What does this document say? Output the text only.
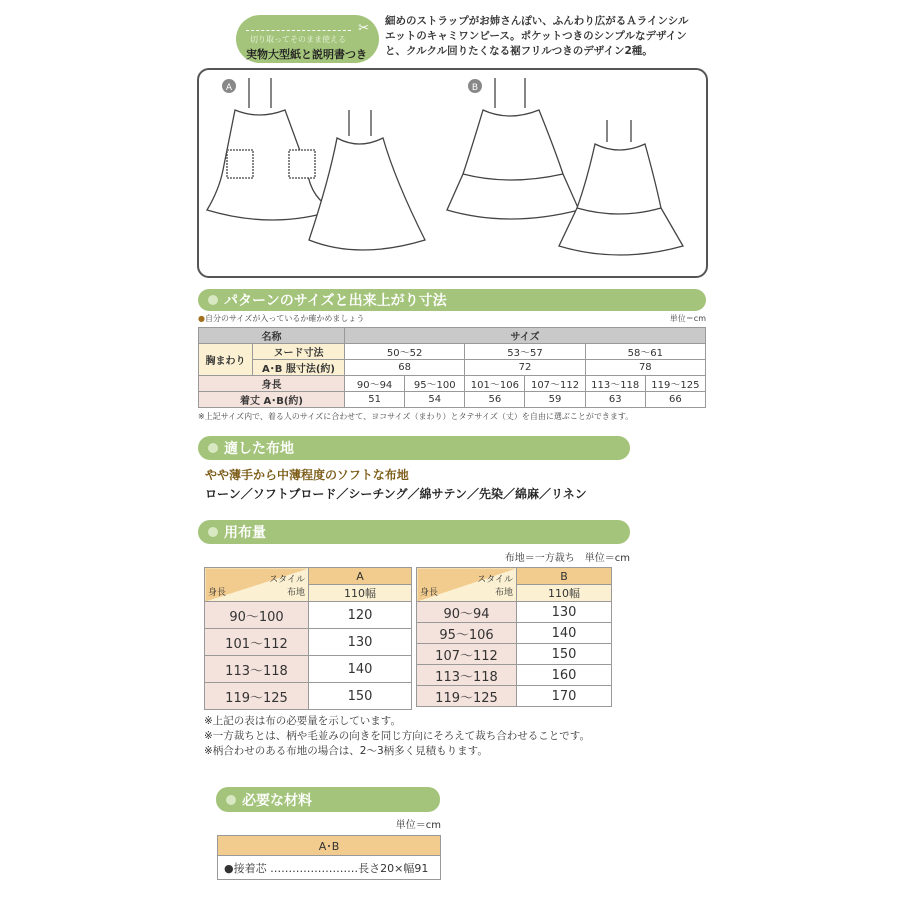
✂
切り取ってそのまま使える
実物大型紙と説明書つき
細めのストラップがお姉さんぽい、ふんわり広がるＡラインシル
エットのキャミワンピース。ポケットつきのシンプルなデザイン
と、クルクル回りたくなる裾フリルつきのデザイン2種。
A	B
パターンのサイズと出来上がり寸法
●自分のサイズが入っているか確かめましょう	単位＝cm
名称		サイズ					
胸まわり	ヌード寸法	50〜52		53〜57		58〜61	
	A･B 服寸法(約)	68		72		78	
身長		90〜94	95〜100	101〜106	107〜112	113〜118	119〜125
着丈 A･B(約)		51	54	56	59	63	66
※上記サイズ内で、着る人のサイズに合わせて、ヨコサイズ（まわり）とタテサイズ（丈）を自由に選ぶことができます。
適した布地
やや薄手から中薄程度のソフトな布地
ローン／ソフトブロード／シーチング／綿サテン／先染／綿麻／リネン
用布量
布地＝一方裁ち　単位＝cm
スタイル
身長 布地	A
	110幅
90〜100	120
101〜112	130
113〜118	140
119〜125	150
スタイル
身長 布地	B
	110幅
90〜94	130
95〜106	140
107〜112	150
113〜118	160
119〜125	170
※上記の表は布の必要量を示しています。
※一方裁ちとは、柄や毛並みの向きを同じ方向にそろえて裁ち合わせることです。
※柄合わせのある布地の場合は、2〜3柄多く見積もります。
必要な材料
単位＝cm
A･B
●接着芯 ……………………長さ20×幅91
